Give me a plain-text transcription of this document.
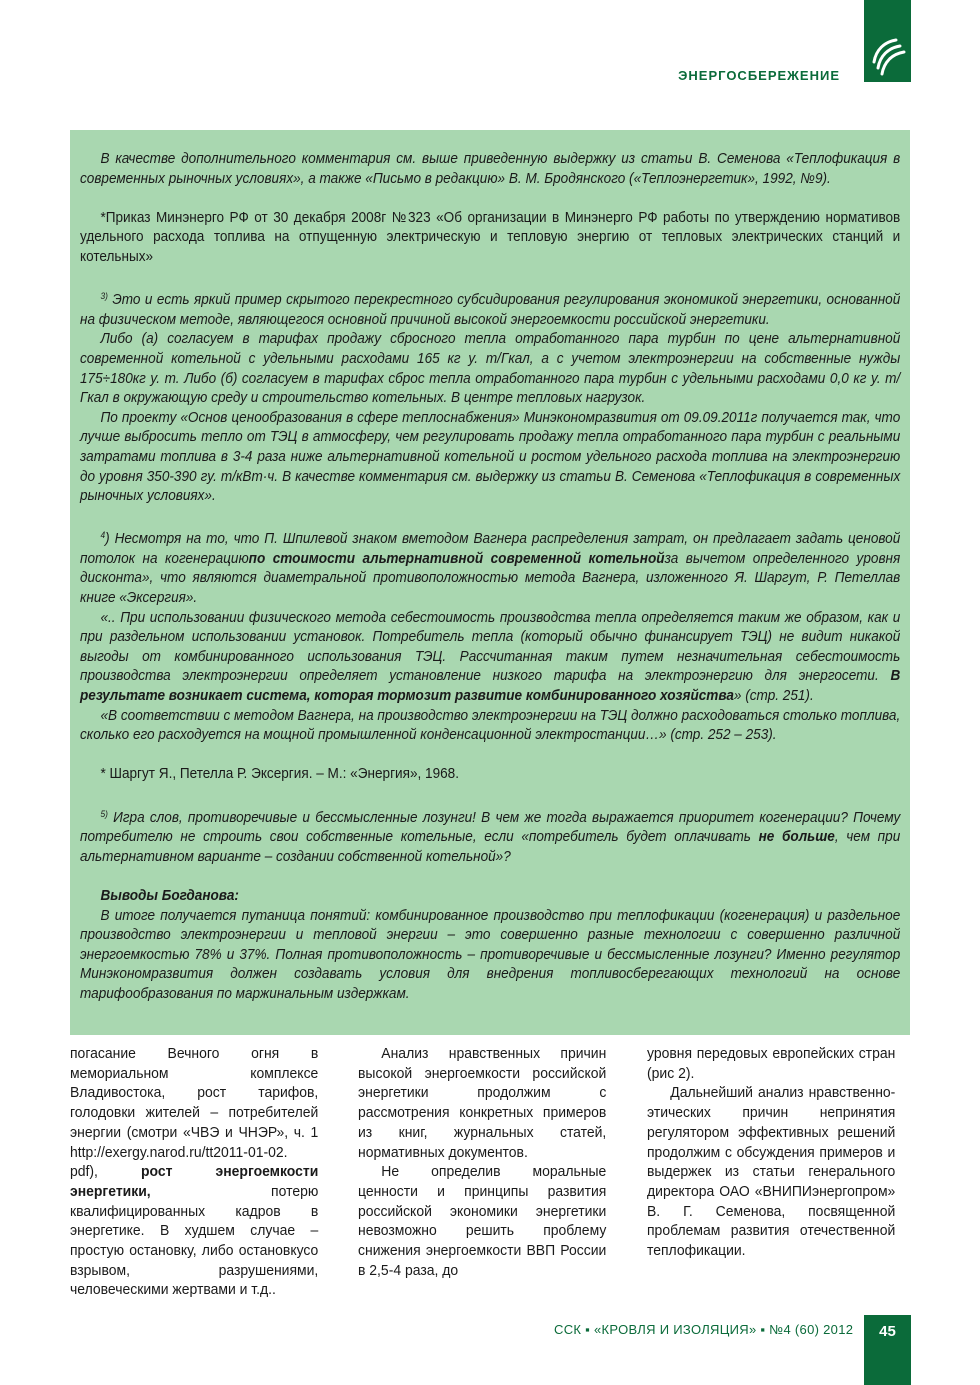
ЭНЕРГОСБЕРЕЖЕНИЕ

В качестве дополнительного комментария см. выше приведенную выдержку из статьи В. Семенова «Теплофикация в современных рыночных условиях», а также «Письмо в редакцию» В. М. Бродянского («Теплоэнергетик», 1992, №9).

*Приказ Минэнерго РФ от 30 декабря 2008г №323 «Об организации в Минэнерго РФ работы по утверждению нормативов удельного расхода топлива на отпущенную электрическую и тепловую энергию от тепловых электрических станций и котельных»

$^{3)}$ Это и есть яркий пример скрытого перекрестного субсидирования регулирования экономикой энергетики, основанной на физическом методе, являющегося основной причиной высокой энергоемкости российской энергетики.

Либо (а) согласуем в тарифах продажу сбросного тепла отработанного пара турбин по цене альтернативной современной котельной с удельными расходами 165 кг у. т/Гкал, а с учетом электроэнергии на собственные нужды 175÷180кг у. т. Либо (б) согласуем в тарифах сброс тепла отработанного пара турбин с удельными расходами 0,0 кг у. т/Гкал в окружающую среду и строительство котельных. В центре тепловых нагрузок.

По проекту «Основ ценообразования в сфере теплоснабжения» Минэкономразвития от 09.09.2011г получается так, что лучше выбросить тепло от ТЭЦ в атмосферу, чем регулировать продажу тепла отработанного пара турбин с реальными затратами топлива в 3-4 раза ниже альтернативной котельной и ростом удельного расхода топлива на электроэнергию до уровня 350-390 гу. т/кВт·ч. В качестве комментария см. выдержку из статьи В. Семенова «Теплофикация в современных рыночных условиях».

$^4$) Несмотря на то, что П. Шпилевой знаком вметодом Вагнера распределения затрат, он предлагает задать ценовой потолок на когенерациюпо стоимости альтернативной современной котельнойза вычетом определенного уровня дисконта», что являются диаметральной противоположностью метода Вагнера, изложенного Я. Шаргут, Р. Петеллав книге «Эксергия».

«.. При использовании физического метода себестоимость производства тепла определяется таким же образом, как и при раздельном использовании установок. Потребитель тепла (который обычно финансирует ТЭЦ) не видит никакой выгоды от комбинированного использования ТЭЦ. Рассчитанная таким путем незначительная себестоимость производства электроэнергии определяет установление низкого тарифа на электроэнергию для энергосети. В результате возникает система, которая тормозит развитие комбинированного хозяйства» (стр. 251).

«В соответствии с методом Вагнера, на производство электроэнергии на ТЭЦ должно расходоваться столько топлива, сколько его расходуется на мощной промышленной конденсационной электростанции…» (стр. 252 – 253).

* Шаргут Я., Петелла Р. Эксергия. – М.: «Энергия», 1968.

$^{5)}$ Игра слов, противоречивые и бессмысленные лозунги! В чем же тогда выражается приоритет когенерации? Почему потребителю не строить свои собственные котельные, если «потребитель будет оплачивать не больше, чем при альтернативном варианте – создании собственной котельной»?

Выводы Богданова:

В итоге получается путаница понятий: комбинированное производство при теплофикации (когенерация) и раздельное производство электроэнергии и тепловой энергии – это совершенно разные технологии с совершенно различной энергоемкостью 78% и 37%. Полная противоположность – противоречивые и бессмысленные лозунги? Именно регулятор Минэкономразвития должен создавать условия для внедрения топливосберегающих технологий на основе тарифообразования по маржинальным издержкам.

погасание Вечного огня в мемориальном комплексе Владивостока, рост тарифов, голодовки жителей – потребителей энергии (смотри «ЧВЭ и ЧНЭР», ч. 1 http://exergy.narod.ru/tt2011-01-02. pdf), рост энергоемкости энергетики, потерю квалифицированных кадров в энергетике. В худшем случае – простую остановку, либо остановкусо взрывом, разрушениями, человеческими жертвами и т.д..

Анализ нравственных причин высокой энергоемкости российской энергетики продолжим с рассмотрения конкретных примеров из книг, журнальных статей, нормативных документов.

Не определив моральные ценности и принципы развития российской экономики энергетики невозможно решить проблему снижения энергоемкости ВВП России в 2,5-4 раза, до

уровня передовых европейских стран (рис 2).

Дальнейший анализ нравственно-этических причин непринятия регулятором эффективных решений продолжим с обсуждения примеров и выдержек из статьи генерального директора ОАО «ВНИПИэнергопром» В. Г. Семенова, посвященной проблемам развития отечественной теплофикации.

ССК ▪ «КРОВЛЯ И ИЗОЛЯЦИЯ» ▪ №4 (60) 2012	45
